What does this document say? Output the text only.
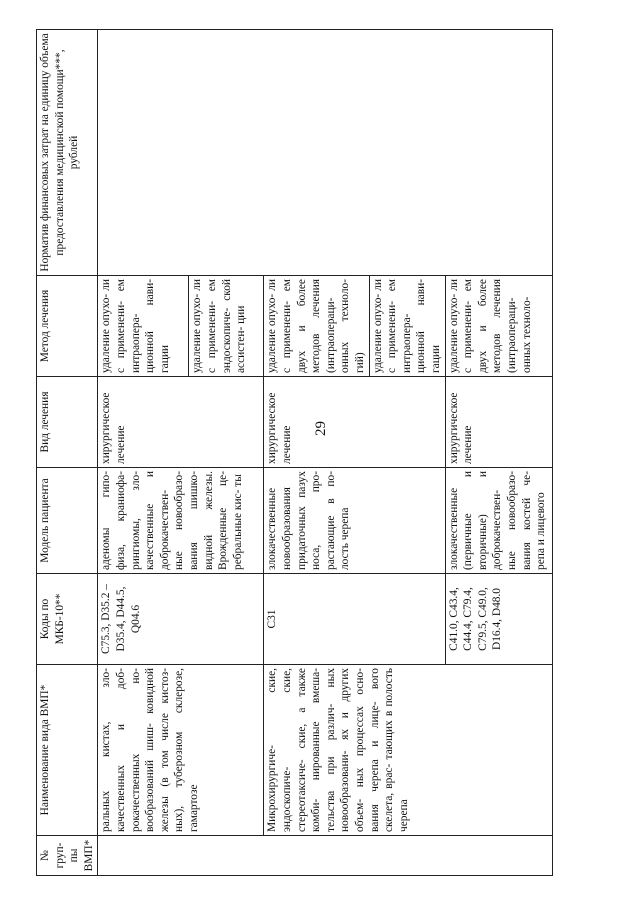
29
№ груп- пы ВМП*	Наименование вида ВМП*	Коды по МКБ-10**	Модель пациента	Вид лечения	Метод лечения	Норматив финансовых затрат на единицу объема предоставления медицинской помощи***, рублей
	ральных кистах, зло- качественных и доб- рокачественных но- вообразований шиш- ковидной железы (в том числе кистоз- ных), туберозном склерозе, гамартозе	C75.3, D35.2 – D35.4, D44.5, Q04.6	аденомы гипо- физа, краниофа- рингиомы, зло- качественные и доброкачествен- ные новообразо- вания шишко- видной железы. Врожденные це- ребральные кис- ты	хирургическое лечение	удаление опухо- ли с применени- ем интраопера- ционной нави- гации	
					удаление опухо- ли с применени- ем эндоскопиче- ской ассистен- ции	
	Микрохирургиче- ские, эндоскопиче- ские, стереотаксиче- ские, а также комби- нированные вмеша- тельства при различ- ных новообразовани- ях и других объем- ных процессах осно- вания черепа и лице- вого скелета, врас- тающих в полость черепа	C31	злокачественные новообразования придаточных пазух носа, про- растающие в по- лость черепа	хирургическое лечение	удаление опухо- ли с применени- ем двух и более методов лечения (интраопераци- онных техноло- гий)	
					удаление опухо- ли с применени- ем интраопера- ционной нави- гации	
		C41.0, C43.4, C44.4, C79.4, C79.5, C49.0, D16.4, D48.0	злокачественные (первичные и вторичные) и доброкачествен- ные новообразо- вания костей че- репа и лицевого	хирургическое лечение	удаление опухо- ли с применени- ем двух и более методов лечения (интраопераци- онных техноло-	
